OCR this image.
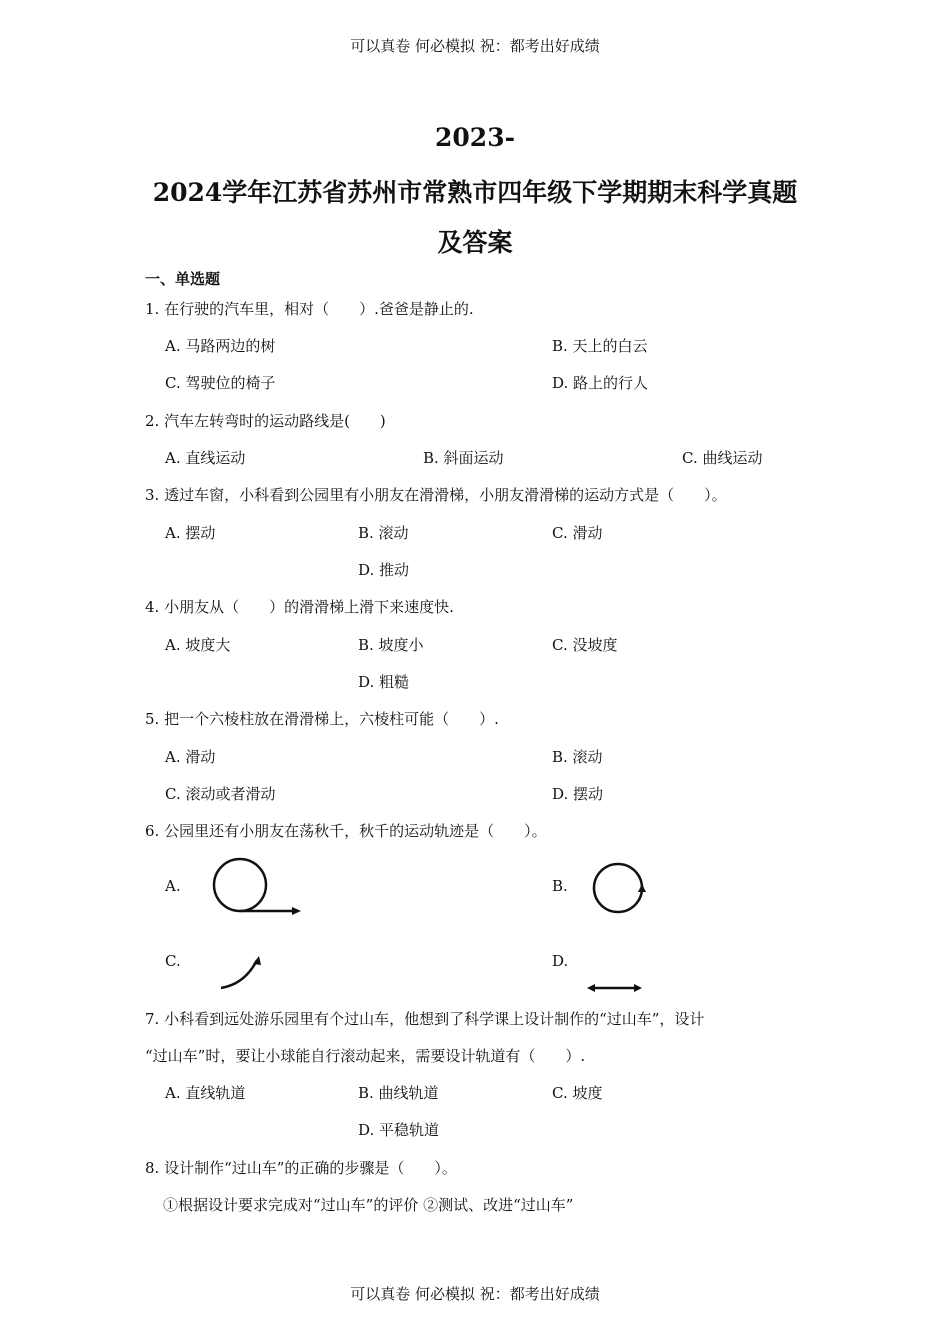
可以真卷 何必模拟 祝：都考出好成绩
2023-
2024学年江苏省苏州市常熟市四年级下学期期末科学真题
及答案
一、单选题
1. 在行驶的汽车里，相对（　　）.爸爸是静止的.
A. 马路两边的树	B. 天上的白云
C. 驾驶位的椅子	D. 路上的行人
2. 汽车左转弯时的运动路线是(　　)
A. 直线运动	B. 斜面运动	C. 曲线运动
3. 透过车窗，小科看到公园里有小朋友在滑滑梯，小朋友滑滑梯的运动方式是（　　）。
A. 摆动	B. 滚动	C. 滑动
D. 推动
4. 小朋友从（　　）的滑滑梯上滑下来速度快.
A. 坡度大	B. 坡度小	C. 没坡度
D. 粗糙
5. 把一个六棱柱放在滑滑梯上，六棱柱可能（　　）.
A. 滑动	B. 滚动
C. 滚动或者滑动	D. 摆动
6. 公园里还有小朋友在荡秋千，秋千的运动轨迹是（　　）。
A.	B.
C.	D.
7. 小科看到远处游乐园里有个过山车，他想到了科学课上设计制作的“过山车”，设计
“过山车”时，要让小球能自行滚动起来，需要设计轨道有（　　）.
A. 直线轨道	B. 曲线轨道	C. 坡度
D. 平稳轨道
8. 设计制作“过山车”的正确的步骤是（　　）。
①根据设计要求完成对“过山车”的评价 ②测试、改进“过山车”
可以真卷 何必模拟 祝：都考出好成绩
